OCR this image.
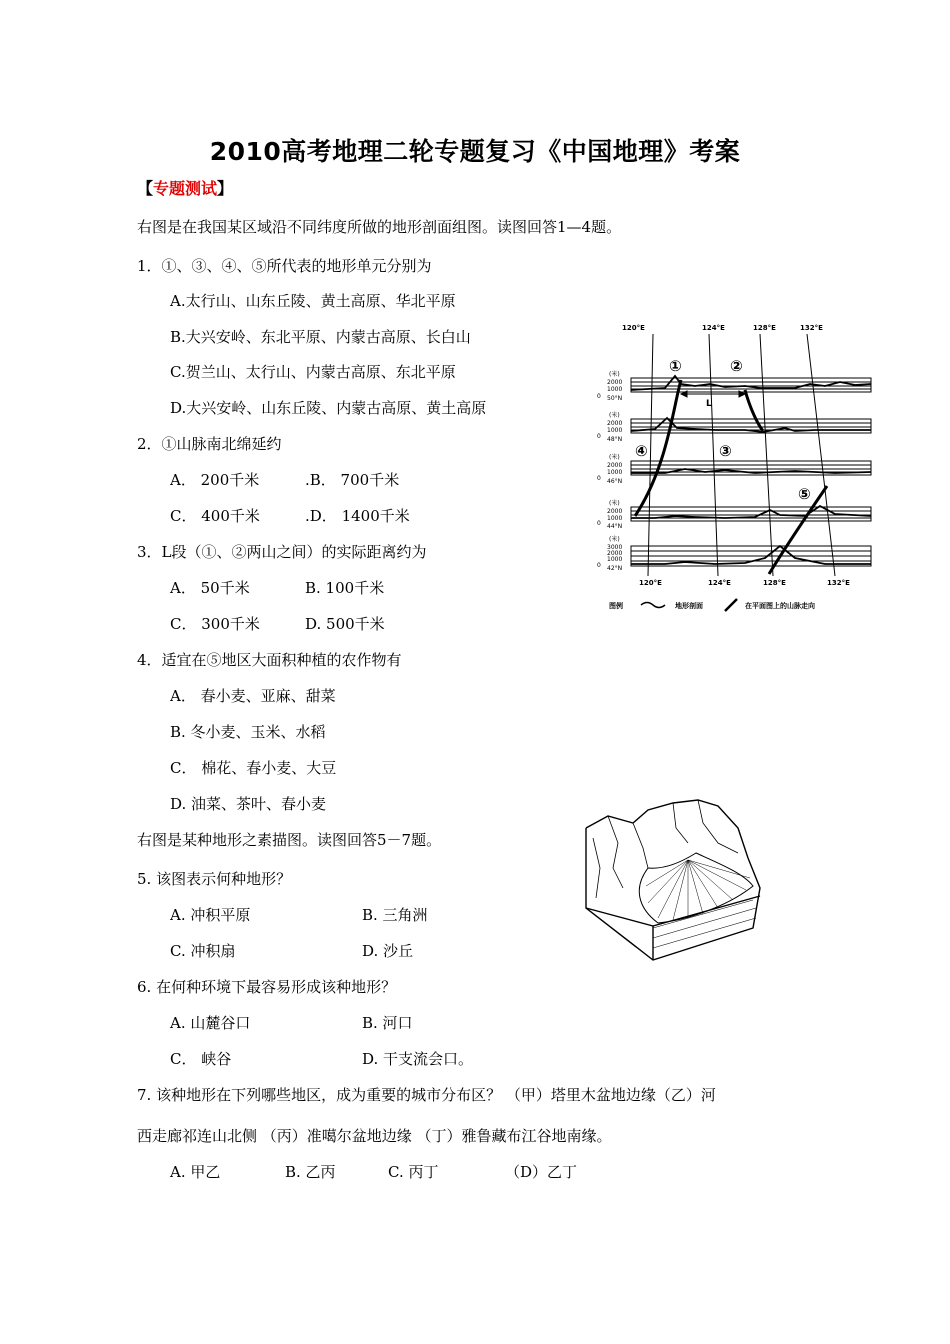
2010高考地理二轮专题复习《中国地理》考案
【专题测试】
右图是在我国某区域沿不同纬度所做的地形剖面组图。读图回答1—4题。
1．①、③、④、⑤所代表的地形单元分别为
A.太行山、山东丘陵、黄土高原、华北平原
B.大兴安岭、东北平原、内蒙古高原、长白山
C.贺兰山、太行山、内蒙古高原、东北平原
D.大兴安岭、山东丘陵、内蒙古高原、黄土高原
2．①山脉南北绵延约
A． 200千米	.B． 700千米
C． 400千米	.D． 1400千米
3．L段（①、②两山之间）的实际距离约为
A． 50千米	B. 100千米
C． 300千米	D. 500千米
4．适宜在⑤地区大面积种植的农作物有
A． 春小麦、亚麻、甜菜
B. 冬小麦、玉米、水稻
C． 棉花、春小麦、大豆
D. 油菜、茶叶、春小麦
右图是某种地形之素描图。读图回答5－7题。
5. 该图表示何种地形？
A. 冲积平原	B. 三角洲
C. 冲积扇	D. 沙丘
6. 在何种环境下最容易形成该种地形？
A. 山麓谷口	B. 河口
C． 峡谷	D. 干支流会口。
7. 该种地形在下列哪些地区，成为重要的城市分布区？ （甲）塔里木盆地边缘（乙）河
西走廊祁连山北侧 （丙）准噶尔盆地边缘 （丁）雅鲁藏布江谷地南缘。
A. 甲乙	B. 乙丙	C. 丙丁	（D）乙丁
120°E	124°E	128°E	132°E
L
①	②
③
④
⑤
(米)
2000
1000
0 50°N
(米)
2000
1000
0 48°N
(米)
2000
1000
0 46°N
(米)
2000
1000
0 44°N
(米)
3000
2000
1000
0 42°N
120°E	124°E	128°E	132°E
图例	地形剖面	在平面图上的山脉走向
